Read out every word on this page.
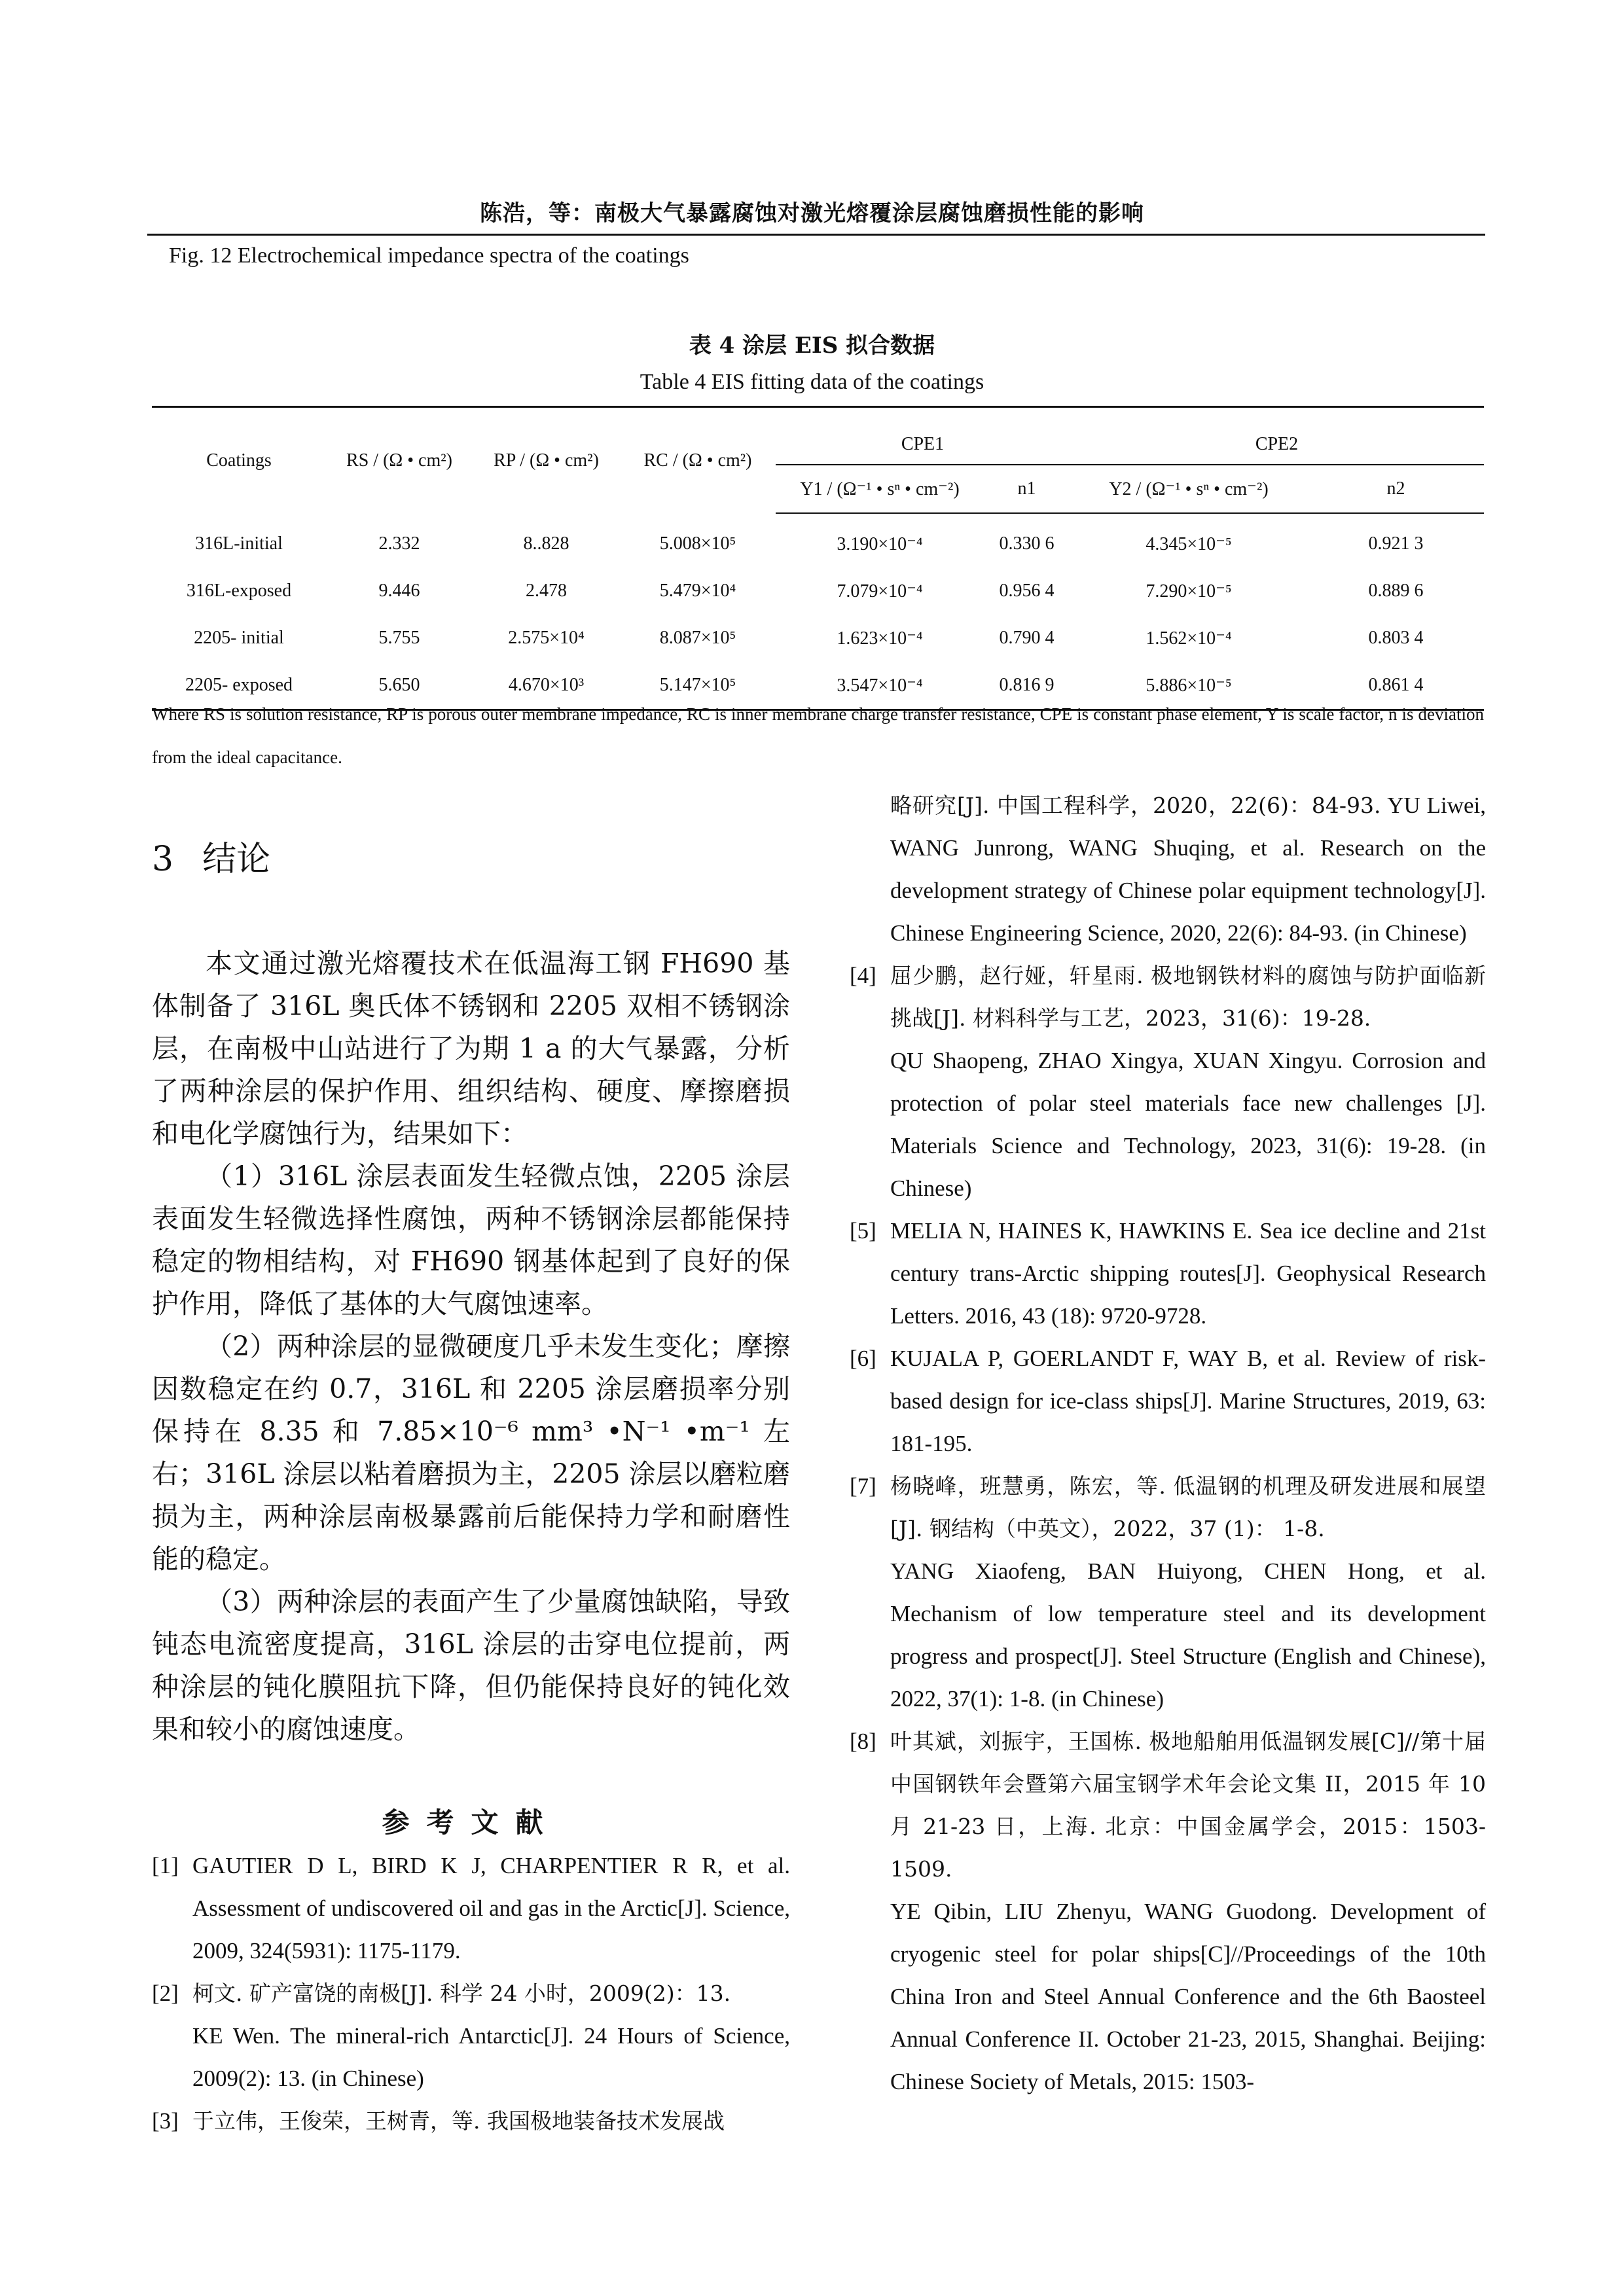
陈浩，等：南极大气暴露腐蚀对激光熔覆涂层腐蚀磨损性能的影响
Fig. 12 Electrochemical impedance spectra of the coatings
表 4 涂层 EIS 拟合数据
Table 4 EIS fitting data of the coatings
Coatings	RS / (Ω • cm²)	RP / (Ω • cm²)	RC / (Ω • cm²)	CPE1		CPE2	
				Y1 / (Ω⁻¹ • sⁿ • cm⁻²)	n1	Y2 / (Ω⁻¹ • sⁿ • cm⁻²)	n2
316L-initial	2.332	8..828	5.008×10⁵	3.190×10⁻⁴	0.330 6	4.345×10⁻⁵	0.921 3
316L-exposed	9.446	2.478	5.479×10⁴	7.079×10⁻⁴	0.956 4	7.290×10⁻⁵	0.889 6
2205- initial	5.755	2.575×10⁴	8.087×10⁵	1.623×10⁻⁴	0.790 4	1.562×10⁻⁴	0.803 4
2205- exposed	5.650	4.670×10³	5.147×10⁵	3.547×10⁻⁴	0.816 9	5.886×10⁻⁵	0.861 4
Where RS is solution resistance, RP is porous outer membrane impedance, RC is inner membrane charge transfer resistance, CPE is constant phase element, Y is scale factor, n is deviation from the ideal capacitance.
3 结论

本文通过激光熔覆技术在低温海工钢 FH690 基体制备了 316L 奥氏体不锈钢和 2205 双相不锈钢涂层，在南极中山站进行了为期 1 a 的大气暴露，分析了两种涂层的保护作用、组织结构、硬度、摩擦磨损和电化学腐蚀行为，结果如下：

（1）316L 涂层表面发生轻微点蚀，2205 涂层表面发生轻微选择性腐蚀，两种不锈钢涂层都能保持稳定的物相结构，对 FH690 钢基体起到了良好的保护作用，降低了基体的大气腐蚀速率。

（2）两种涂层的显微硬度几乎未发生变化；摩擦因数稳定在约 0.7，316L 和 2205 涂层磨损率分别保持在 8.35 和 7.85×10⁻⁶ mm³ •N⁻¹ •m⁻¹ 左右；316L 涂层以粘着磨损为主，2205 涂层以磨粒磨损为主，两种涂层南极暴露前后能保持力学和耐磨性能的稳定。

（3）两种涂层的表面产生了少量腐蚀缺陷，导致钝态电流密度提高，316L 涂层的击穿电位提前，两种涂层的钝化膜阻抗下降，但仍能保持良好的钝化效果和较小的腐蚀速度。

参考文献
[1] GAUTIER D L, BIRD K J, CHARPENTIER R R, et al. Assessment of undiscovered oil and gas in the Arctic[J]. Science, 2009, 324(5931): 1175-1179.
[2] 柯文. 矿产富饶的南极[J]. 科学 24 小时，2009(2)：13.
KE Wen. The mineral-rich Antarctic[J]. 24 Hours of Science, 2009(2): 13. (in Chinese)
[3] 于立伟，王俊荣，王树青，等. 我国极地装备技术发展战
略研究[J]. 中国工程科学，2020，22(6)：84-93. YU Liwei, WANG Junrong, WANG Shuqing, et al. Research on the development strategy of Chinese polar equipment technology[J]. Chinese Engineering Science, 2020, 22(6): 84-93. (in Chinese)
[4] 屈少鹏，赵行娅，轩星雨. 极地钢铁材料的腐蚀与防护面临新挑战[J]. 材料科学与工艺，2023，31(6)：19-28.
QU Shaopeng, ZHAO Xingya, XUAN Xingyu. Corrosion and protection of polar steel materials face new challenges [J]. Materials Science and Technology, 2023, 31(6): 19-28. (in Chinese)
[5] MELIA N, HAINES K, HAWKINS E. Sea ice decline and 21st century trans-Arctic shipping routes[J]. Geophysical Research Letters. 2016, 43 (18): 9720-9728.
[6] KUJALA P, GOERLANDT F, WAY B, et al. Review of risk-based design for ice-class ships[J]. Marine Structures, 2019, 63: 181-195.
[7] 杨晓峰，班慧勇，陈宏，等. 低温钢的机理及研发进展和展望[J]. 钢结构（中英文），2022，37 (1)： 1-8.
YANG Xiaofeng, BAN Huiyong, CHEN Hong, et al. Mechanism of low temperature steel and its development progress and prospect[J]. Steel Structure (English and Chinese), 2022, 37(1): 1-8. (in Chinese)
[8] 叶其斌，刘振宇，王国栋. 极地船舶用低温钢发展[C]//第十届中国钢铁年会暨第六届宝钢学术年会论文集 II，2015 年 10 月 21-23 日，上海. 北京：中国金属学会，2015：1503-1509.
YE Qibin, LIU Zhenyu, WANG Guodong. Development of cryogenic steel for polar ships[C]//Proceedings of the 10th China Iron and Steel Annual Conference and the 6th Baosteel Annual Conference II. October 21-23, 2015, Shanghai. Beijing: Chinese Society of Metals, 2015: 1503-
